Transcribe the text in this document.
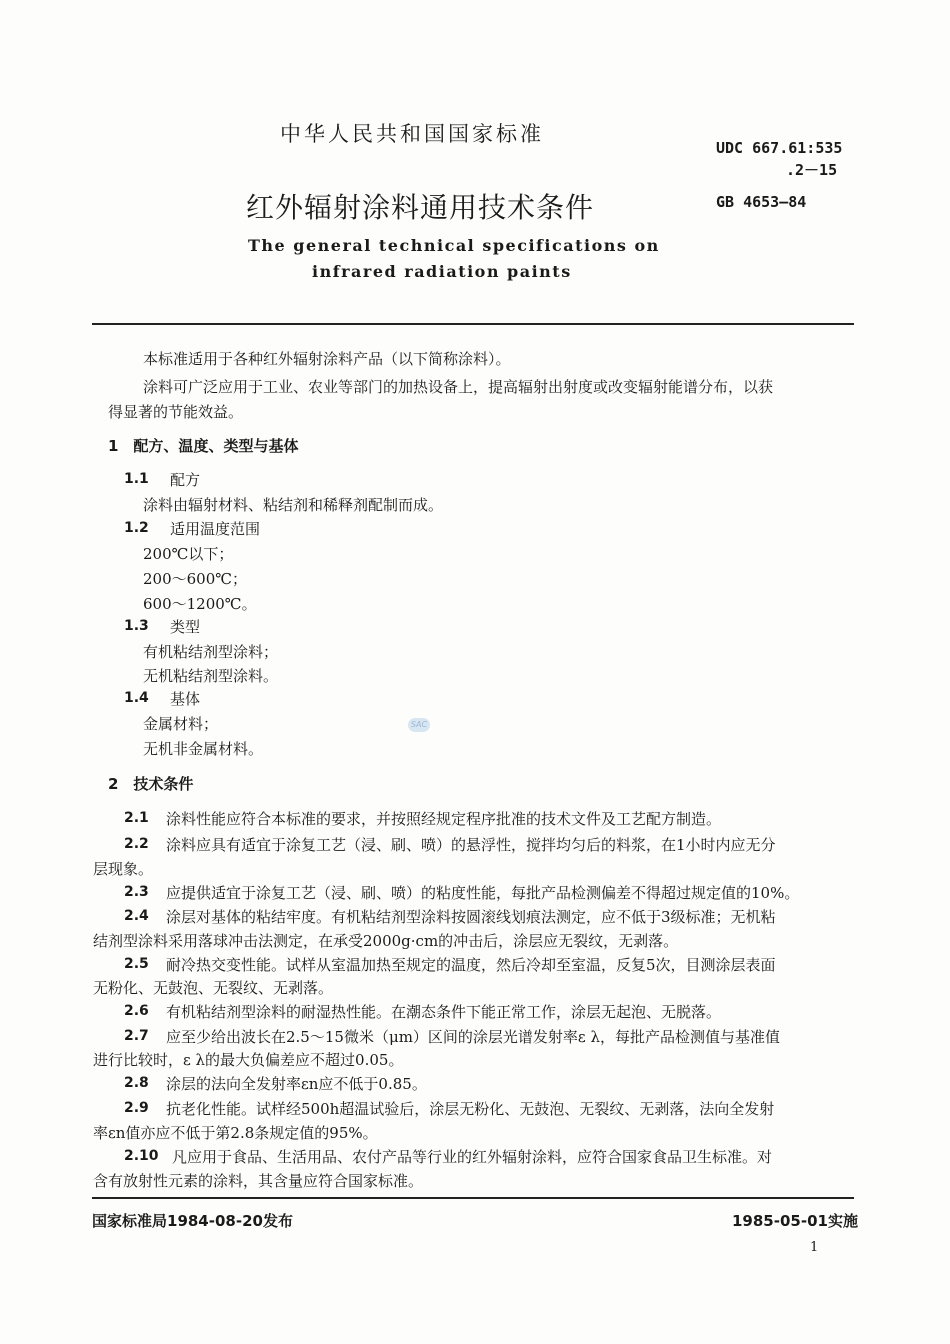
中华人民共和国国家标准
UDC 667.61:535
.2－15
红外辐射涂料通用技术条件	GB 4653—84
The general technical specifications on
infrared radiation paints
本标准适用于各种红外辐射涂料产品（以下简称涂料）。
涂料可广泛应用于工业、农业等部门的加热设备上，提高辐射出射度或改变辐射能谱分布，以获
得显著的节能效益。
1　配方、温度、类型与基体
1.1 配方
涂料由辐射材料、粘结剂和稀释剂配制而成。
1.2 适用温度范围
200℃以下；
200～600℃；
600～1200℃。
1.3 类型
有机粘结剂型涂料；
无机粘结剂型涂料。
1.4 基体
金属材料；
无机非金属材料。
SAC
2　技术条件
2.1 涂料性能应符合本标准的要求，并按照经规定程序批准的技术文件及工艺配方制造。
2.2 涂料应具有适宜于涂复工艺（浸、刷、喷）的悬浮性，搅拌均匀后的料浆，在1小时内应无分
层现象。
2.3 应提供适宜于涂复工艺（浸、刷、喷）的粘度性能，每批产品检测偏差不得超过规定值的10%。
2.4 涂层对基体的粘结牢度。有机粘结剂型涂料按圆滚线划痕法测定，应不低于3级标准；无机粘
结剂型涂料采用落球冲击法测定，在承受2000g·cm的冲击后，涂层应无裂纹，无剥落。
2.5 耐冷热交变性能。试样从室温加热至规定的温度，然后冷却至室温，反复5次，目测涂层表面
无粉化、无鼓泡、无裂纹、无剥落。
2.6 有机粘结剂型涂料的耐湿热性能。在潮态条件下能正常工作，涂层无起泡、无脱落。
2.7 应至少给出波长在2.5～15微米（μm）区间的涂层光谱发射率ε λ，每批产品检测值与基准值
进行比较时，ε λ的最大负偏差应不超过0.05。
2.8 涂层的法向全发射率εn应不低于0.85。
2.9 抗老化性能。试样经500h超温试验后，涂层无粉化、无鼓泡、无裂纹、无剥落，法向全发射
率εn值亦应不低于第2.8条规定值的95%。
2.10 凡应用于食品、生活用品、农付产品等行业的红外辐射涂料，应符合国家食品卫生标准。对
含有放射性元素的涂料，其含量应符合国家标准。
国家标准局1984-08-20发布	1985-05-01实施
1
